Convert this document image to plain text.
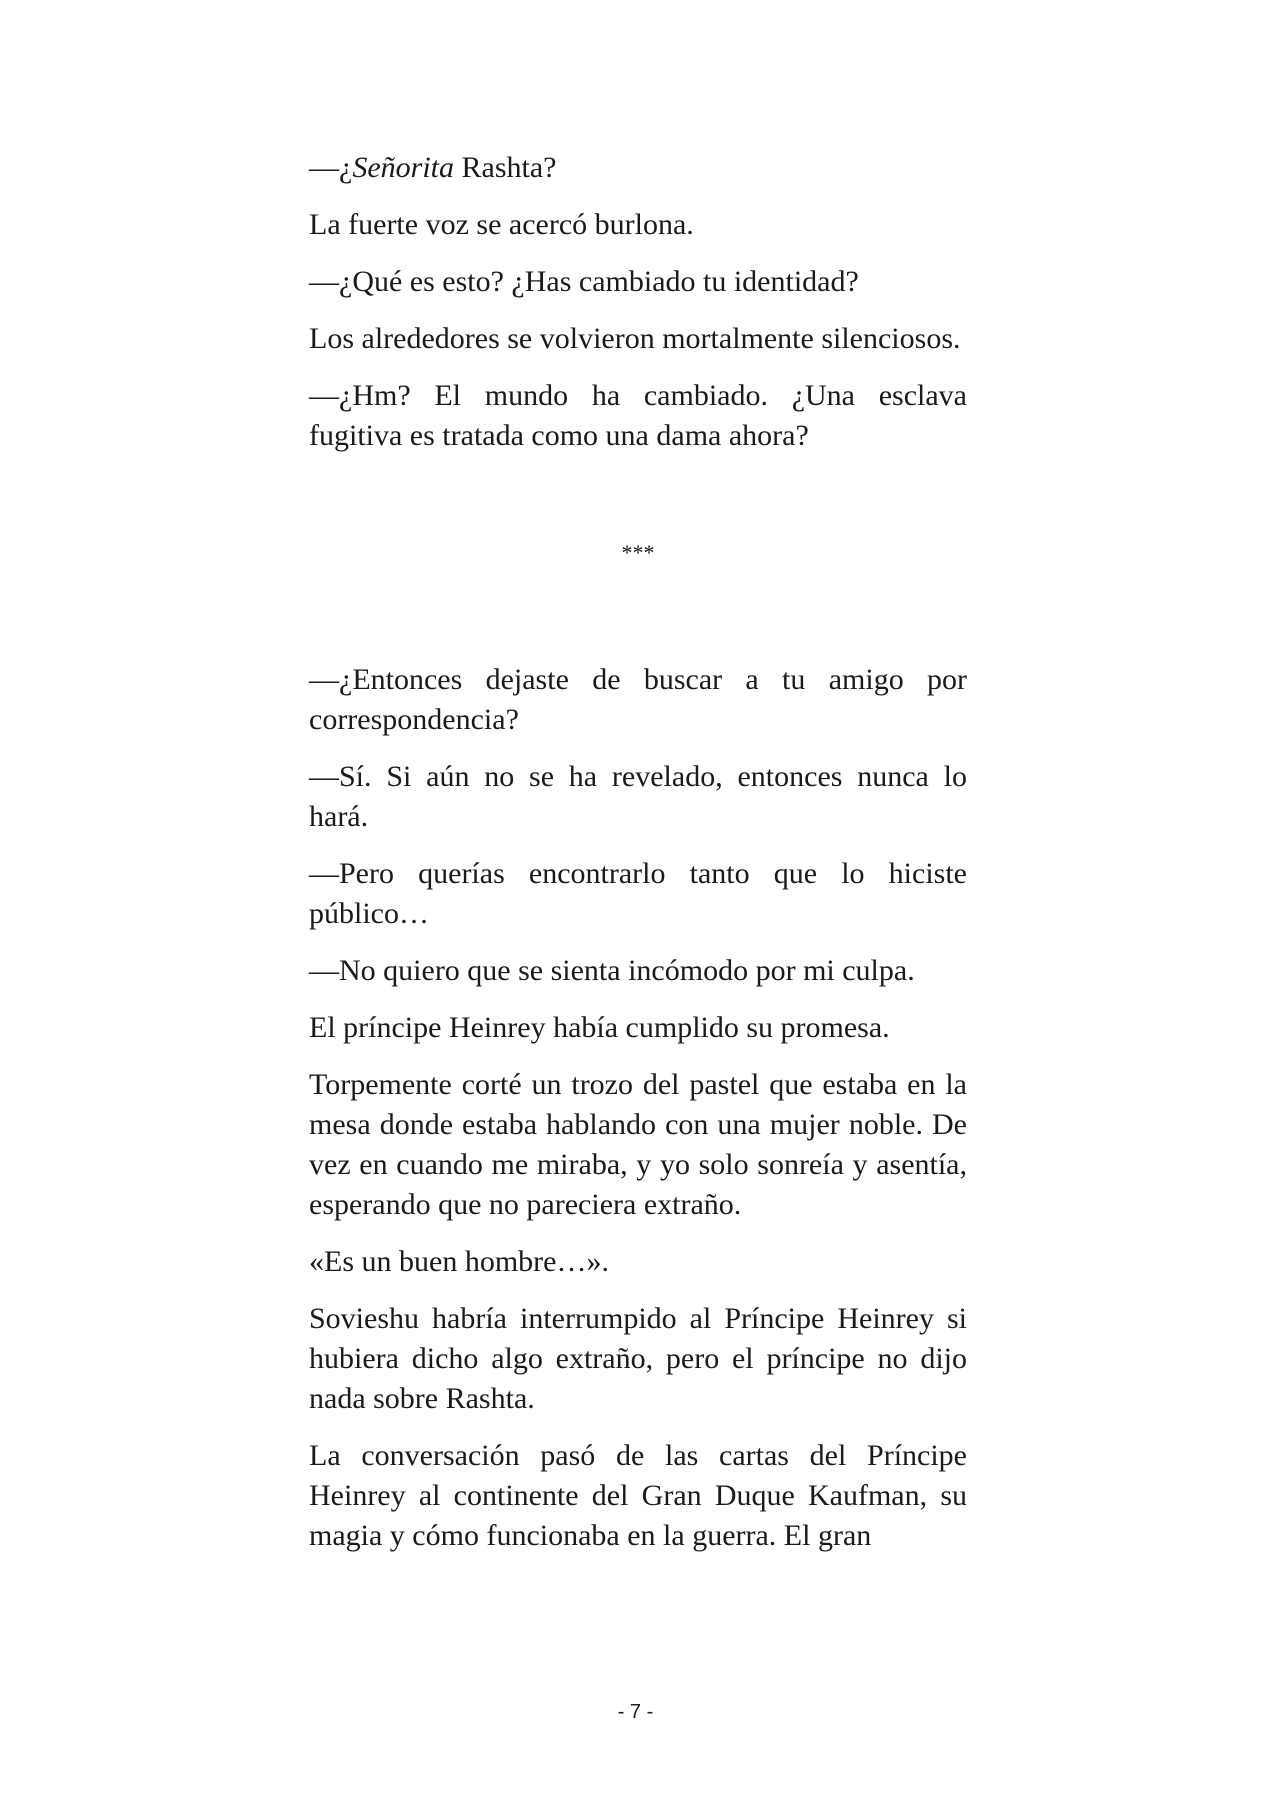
—¿Señorita Rashta?

La fuerte voz se acercó burlona.

—¿Qué es esto? ¿Has cambiado tu identidad?

Los alrededores se volvieron mortalmente silenciosos.

—¿Hm? El mundo ha cambiado. ¿Una esclava fugitiva es tratada como una dama ahora?

***

—¿Entonces dejaste de buscar a tu amigo por correspondencia?

—Sí. Si aún no se ha revelado, entonces nunca lo hará.

—Pero querías encontrarlo tanto que lo hiciste público…

—No quiero que se sienta incómodo por mi culpa.

El príncipe Heinrey había cumplido su promesa.

Torpemente corté un trozo del pastel que estaba en la mesa donde estaba hablando con una mujer noble. De vez en cuando me miraba, y yo solo sonreía y asentía, esperando que no pareciera extraño.

«Es un buen hombre…».

Sovieshu habría interrumpido al Príncipe Heinrey si hubiera dicho algo extraño, pero el príncipe no dijo nada sobre Rashta.

La conversación pasó de las cartas del Príncipe Heinrey al continente del Gran Duque Kaufman, su magia y cómo funcionaba en la guerra. El gran

- 7 -
